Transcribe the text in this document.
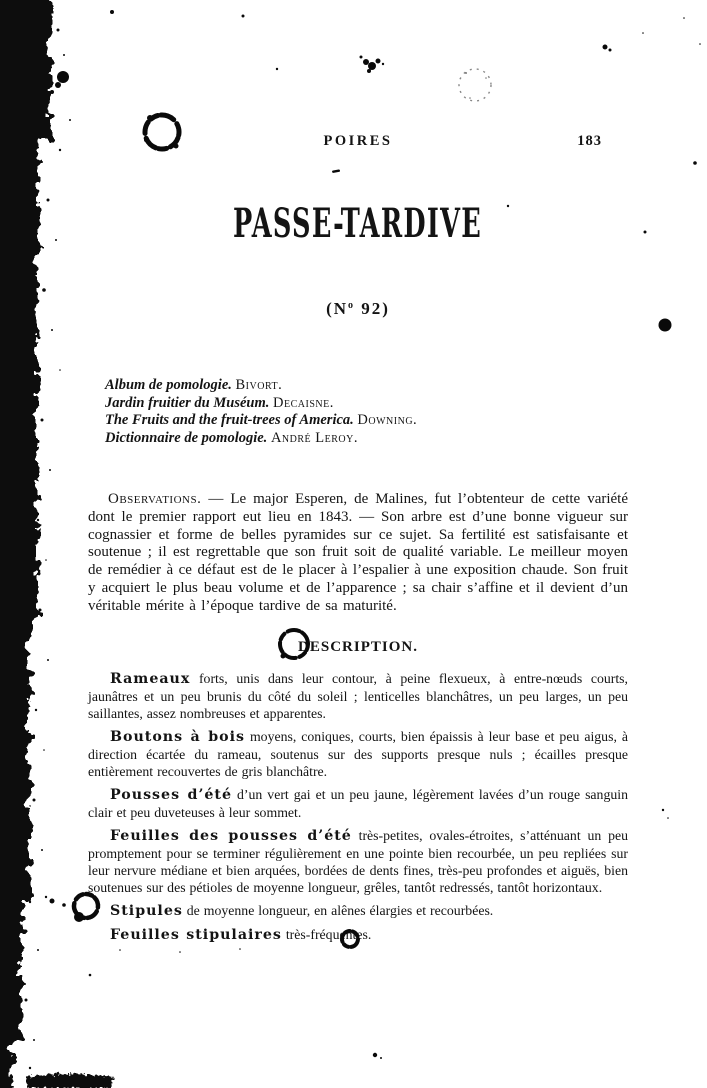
POIRES	183
PASSE-TARDIVE
($N^o$ 92)
Album de pomologie. Bivort.
Jardin fruitier du Muséum. Decaisne.
The Fruits and the fruit-trees of America. Downing.
Dictionnaire de pomologie. André Leroy.

Observations. — Le major Esperen, de Malines, fut l’obtenteur de cette variété dont le premier rapport eut lieu en 1843. — Son arbre est d’une bonne vigueur sur cognassier et forme de belles pyramides sur ce sujet. Sa fertilité est satisfaisante et soutenue ; il est regrettable que son fruit soit de qualité variable. Le meilleur moyen de remédier à ce défaut est de le placer à l’espalier à une exposition chaude. Son fruit y acquiert le plus beau volume et de l’apparence ; sa chair s’affine et il devient d’un véritable mérite à l’époque tardive de sa maturité.

DESCRIPTION.

Rameaux forts, unis dans leur contour, à peine flexueux, à entre-nœuds courts, jaunâtres et un peu brunis du côté du soleil ; lenticelles blanchâtres, un peu larges, un peu saillantes, assez nombreuses et apparentes.

Boutons à bois moyens, coniques, courts, bien épaissis à leur base et peu aigus, à direction écartée du rameau, soutenus sur des supports presque nuls ; écailles presque entièrement recouvertes de gris blanchâtre.

Pousses d’été d’un vert gai et un peu jaune, légèrement lavées d’un rouge sanguin clair et peu duveteuses à leur sommet.

Feuilles des pousses d’été très-petites, ovales-étroites, s’atténuant un peu promptement pour se terminer régulièrement en une pointe bien recourbée, un peu repliées sur leur nervure médiane et bien arquées, bordées de dents fines, très-peu profondes et aiguës, bien soutenues sur des pétioles de moyenne longueur, grêles, tantôt redressés, tantôt horizontaux.

Stipules de moyenne longueur, en alênes élargies et recourbées.

Feuilles stipulaires très-fréquentes.
